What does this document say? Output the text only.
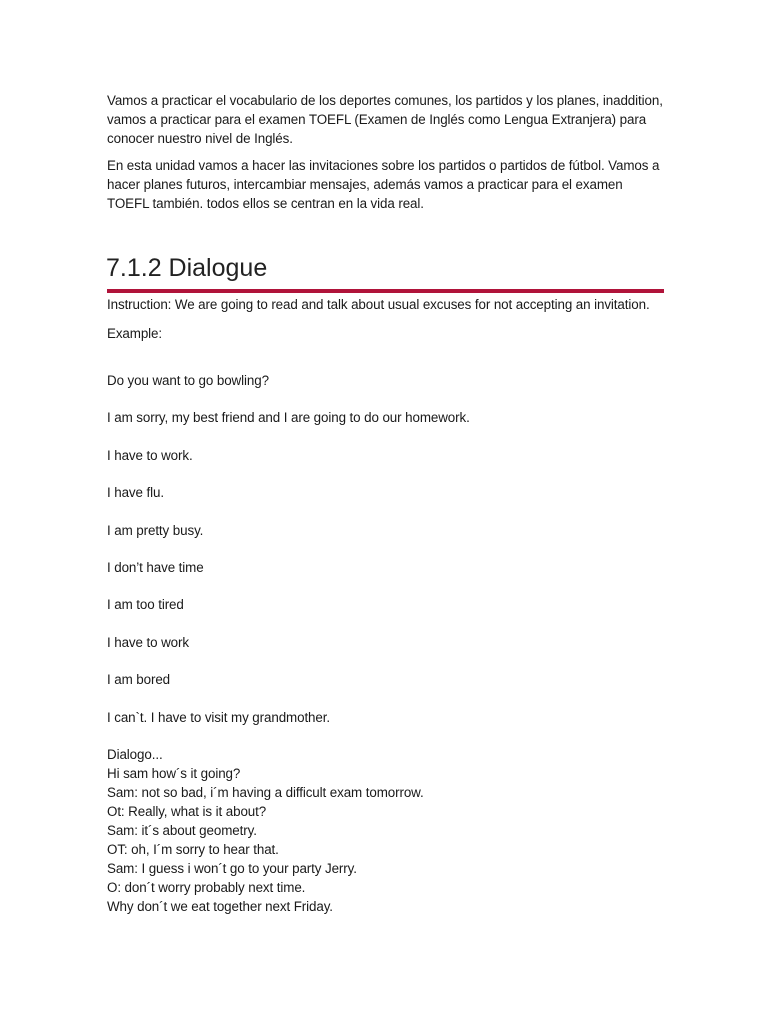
Vamos a practicar el vocabulario de los deportes comunes, los partidos y los planes, inaddition, vamos a practicar para el examen TOEFL (Examen de Inglés como Lengua Extranjera) para conocer nuestro nivel de Inglés.

En esta unidad vamos a hacer las invitaciones sobre los partidos o partidos de fútbol. Vamos a hacer planes futuros, intercambiar mensajes, además vamos a practicar para el examen TOEFL también. todos ellos se centran en la vida real.

7.1.2 Dialogue

Instruction: We are going to read and talk about usual excuses for not accepting an invitation.

Example:

Do you want to go bowling?

I am sorry, my best friend and I are going to do our homework.

I have to work.

I have flu.

I am pretty busy.

I don’t have time

I am too tired

I have to work

I am bored

I can`t. I have to visit my grandmother.

Dialogo...

Hi sam how´s it going?

Sam: not so bad, i´m having a difficult exam tomorrow.

Ot: Really, what is it about?

Sam: it´s about geometry.

OT: oh, I´m sorry to hear that.

Sam: I guess i won´t go to your party Jerry.

O: don´t worry probably next time.

Why don´t we eat together next Friday.
